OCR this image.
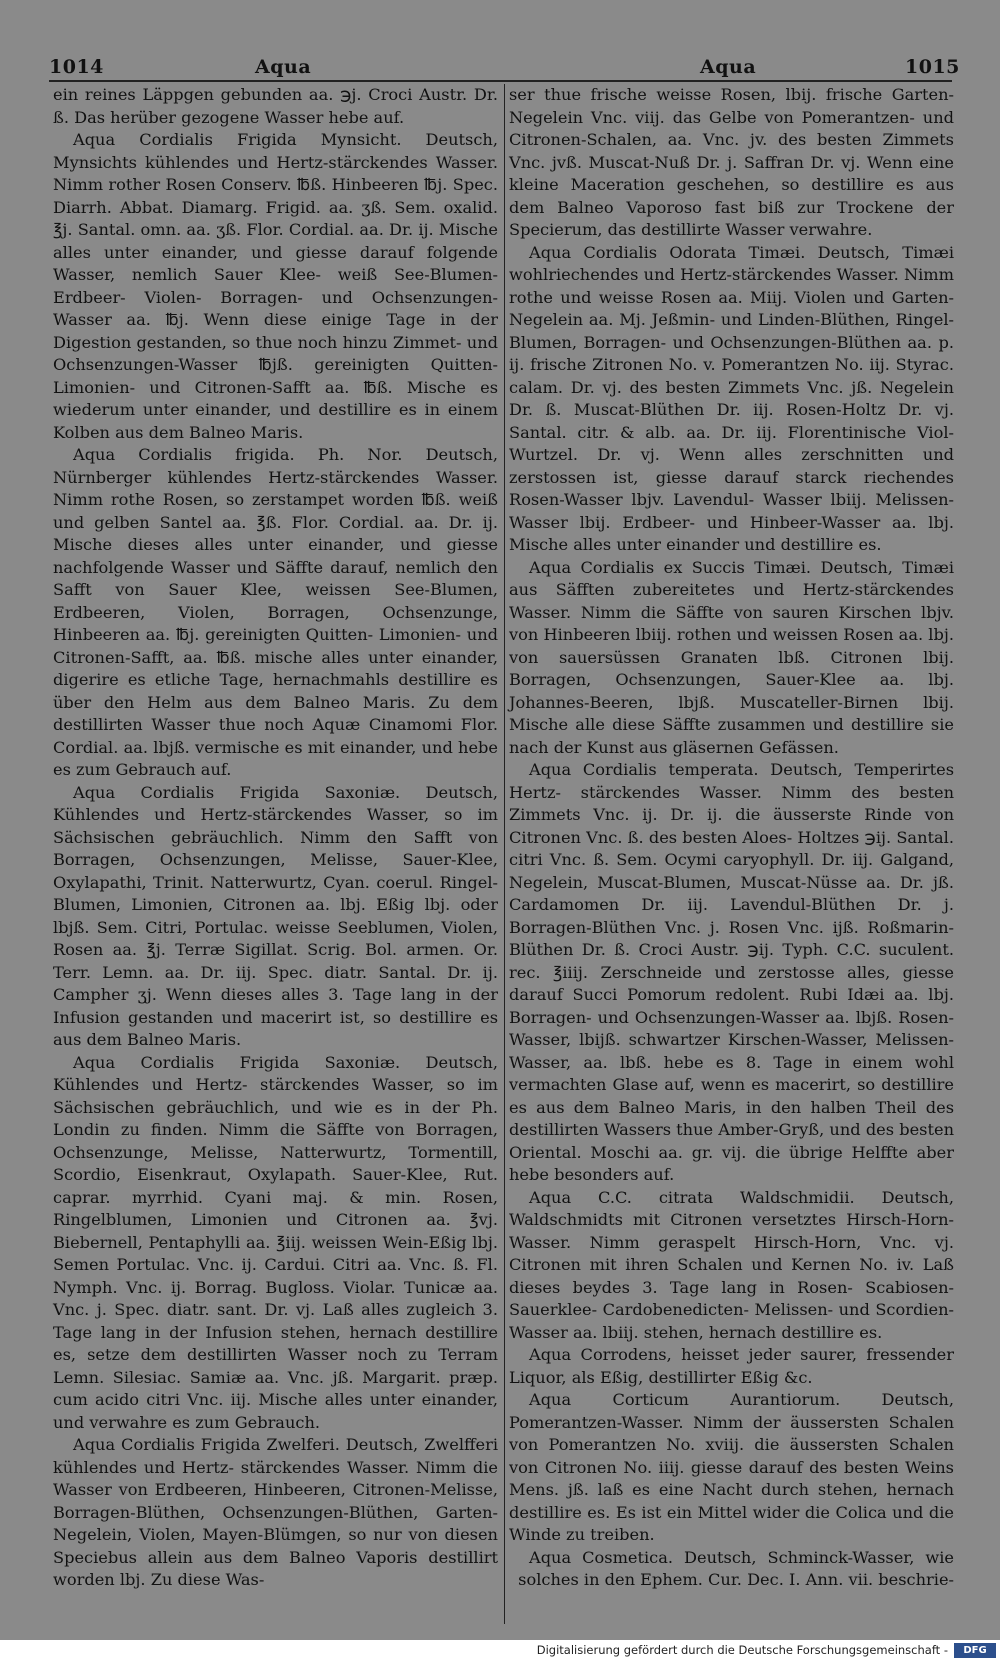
1014	Aqua	Aqua	1015

ein reines Läppgen gebunden aa. ℈j. Croci Austr. Dr. ß. Das herüber gezogene Wasser hebe auf.

Aqua Cordialis Frigida Mynsicht. Deutsch, Mynsichts kühlendes und Hertz-stärckendes Wasser. Nimm rother Rosen Conserv. ℔ß. Hinbeeren ℔j. Spec. Diarrh. Abbat. Diamarg. Frigid. aa. ʒß. Sem. oxalid. ℥j. Santal. omn. aa. ʒß. Flor. Cordial. aa. Dr. ij. Mische alles unter einander, und giesse darauf folgende Wasser, nemlich Sauer Klee- weiß See-Blumen- Erdbeer- Violen- Borragen- und Ochsenzungen-Wasser aa. ℔j. Wenn diese einige Tage in der Digestion gestanden, so thue noch hinzu Zimmet- und Ochsenzungen-Wasser ℔jß. gereinigten Quitten- Limonien- und Citronen-Safft aa. ℔ß. Mische es wiederum unter einander, und destillire es in einem Kolben aus dem Balneo Maris.

Aqua Cordialis frigida. Ph. Nor. Deutsch, Nürnberger kühlendes Hertz-stärckendes Wasser. Nimm rothe Rosen, so zerstampet worden ℔ß. weiß und gelben Santel aa. ℥ß. Flor. Cordial. aa. Dr. ij. Mische dieses alles unter einander, und giesse nachfolgende Wasser und Säffte darauf, nemlich den Safft von Sauer Klee, weissen See-Blumen, Erdbeeren, Violen, Borragen, Ochsenzunge, Hinbeeren aa. ℔j. gereinigten Quitten- Limonien- und Citronen-Safft, aa. ℔ß. mische alles unter einander, digerire es etliche Tage, hernachmahls destillire es über den Helm aus dem Balneo Maris. Zu dem destillirten Wasser thue noch Aquæ Cinamomi Flor. Cordial. aa. lbjß. vermische es mit einander, und hebe es zum Gebrauch auf.

Aqua Cordialis Frigida Saxoniæ. Deutsch, Kühlendes und Hertz-stärckendes Wasser, so im Sächsischen gebräuchlich. Nimm den Safft von Borragen, Ochsenzungen, Melisse, Sauer-Klee, Oxylapathi, Trinit. Natterwurtz, Cyan. coerul. Ringel-Blumen, Limonien, Citronen aa. lbj. Eßig lbj. oder lbjß. Sem. Citri, Portulac. weisse Seeblumen, Violen, Rosen aa. ℥j. Terræ Sigillat. Scrig. Bol. armen. Or. Terr. Lemn. aa. Dr. iij. Spec. diatr. Santal. Dr. ij. Campher ʒj. Wenn dieses alles 3. Tage lang in der Infusion gestanden und macerirt ist, so destillire es aus dem Balneo Maris.

Aqua Cordialis Frigida Saxoniæ. Deutsch, Kühlendes und Hertz- stärckendes Wasser, so im Sächsischen gebräuchlich, und wie es in der Ph. Londin zu finden. Nimm die Säffte von Borragen, Ochsenzunge, Melisse, Natterwurtz, Tormentill, Scordio, Eisenkraut, Oxylapath. Sauer-Klee, Rut. caprar. myrrhid. Cyani maj. & min. Rosen, Ringelblumen, Limonien und Citronen aa. ℥vj. Biebernell, Pentaphylli aa. ℥iij. weissen Wein-Eßig lbj. Semen Portulac. Vnc. ij. Cardui. Citri aa. Vnc. ß. Fl. Nymph. Vnc. ij. Borrag. Bugloss. Violar. Tunicæ aa. Vnc. j. Spec. diatr. sant. Dr. vj. Laß alles zugleich 3. Tage lang in der Infusion stehen, hernach destillire es, setze dem destillirten Wasser noch zu Terram Lemn. Silesiac. Samiæ aa. Vnc. jß. Margarit. præp. cum acido citri Vnc. iij. Mische alles unter einander, und verwahre es zum Gebrauch.

Aqua Cordialis Frigida Zwelferi. Deutsch, Zwelfferi kühlendes und Hertz- stärckendes Wasser. Nimm die Wasser von Erdbeeren, Hinbeeren, Citronen-Melisse, Borragen-Blüthen, Ochsenzungen-Blüthen, Garten-Negelein, Violen, Mayen-Blümgen, so nur von diesen Speciebus allein aus dem Balneo Vaporis destillirt worden lbj. Zu diese Was-

ser thue frische weisse Rosen, lbij. frische Garten-Negelein Vnc. viij. das Gelbe von Pomerantzen- und Citronen-Schalen, aa. Vnc. jv. des besten Zimmets Vnc. jvß. Muscat-Nuß Dr. j. Saffran Dr. vj. Wenn eine kleine Maceration geschehen, so destillire es aus dem Balneo Vaporoso fast biß zur Trockene der Specierum, das destillirte Wasser verwahre.

Aqua Cordialis Odorata Timæi. Deutsch, Timæi wohlriechendes und Hertz-stärckendes Wasser. Nimm rothe und weisse Rosen aa. Miij. Violen und Garten-Negelein aa. Mj. Jeßmin- und Linden-Blüthen, Ringel-Blumen, Borragen- und Ochsenzungen-Blüthen aa. p. ij. frische Zitronen No. v. Pomerantzen No. iij. Styrac. calam. Dr. vj. des besten Zimmets Vnc. jß. Negelein Dr. ß. Muscat-Blüthen Dr. iij. Rosen-Holtz Dr. vj. Santal. citr. & alb. aa. Dr. iij. Florentinische Viol-Wurtzel. Dr. vj. Wenn alles zerschnitten und zerstossen ist, giesse darauf starck riechendes Rosen-Wasser lbjv. Lavendul- Wasser lbiij. Melissen-Wasser lbij. Erdbeer- und Hinbeer-Wasser aa. lbj. Mische alles unter einander und destillire es.

Aqua Cordialis ex Succis Timæi. Deutsch, Timæi aus Säfften zubereitetes und Hertz-stärckendes Wasser. Nimm die Säffte von sauren Kirschen lbjv. von Hinbeeren lbiij. rothen und weissen Rosen aa. lbj. von sauersüssen Granaten lbß. Citronen lbij. Borragen, Ochsenzungen, Sauer-Klee aa. lbj. Johannes-Beeren, lbjß. Muscateller-Birnen lbij. Mische alle diese Säffte zusammen und destillire sie nach der Kunst aus gläsernen Gefässen.

Aqua Cordialis temperata. Deutsch, Temperirtes Hertz- stärckendes Wasser. Nimm des besten Zimmets Vnc. ij. Dr. ij. die äusserste Rinde von Citronen Vnc. ß. des besten Aloes- Holtzes ℈ij. Santal. citri Vnc. ß. Sem. Ocymi caryophyll. Dr. iij. Galgand, Negelein, Muscat-Blumen, Muscat-Nüsse aa. Dr. jß. Cardamomen Dr. iij. Lavendul-Blüthen Dr. j. Borragen-Blüthen Vnc. j. Rosen Vnc. ijß. Roßmarin-Blüthen Dr. ß. Croci Austr. ℈ij. Typh. C.C. suculent. rec. ℥iiij. Zerschneide und zerstosse alles, giesse darauf Succi Pomorum redolent. Rubi Idæi aa. lbj. Borragen- und Ochsenzungen-Wasser aa. lbjß. Rosen-Wasser, lbijß. schwartzer Kirschen-Wasser, Melissen-Wasser, aa. lbß. hebe es 8. Tage in einem wohl vermachten Glase auf, wenn es macerirt, so destillire es aus dem Balneo Maris, in den halben Theil des destillirten Wassers thue Amber-Gryß, und des besten Oriental. Moschi aa. gr. vij. die übrige Helffte aber hebe besonders auf.

Aqua C.C. citrata Waldschmidii. Deutsch, Waldschmidts mit Citronen versetztes Hirsch-Horn-Wasser. Nimm geraspelt Hirsch-Horn, Vnc. vj. Citronen mit ihren Schalen und Kernen No. iv. Laß dieses beydes 3. Tage lang in Rosen- Scabiosen- Sauerklee- Cardobenedicten- Melissen- und Scordien-Wasser aa. lbiij. stehen, hernach destillire es.

Aqua Corrodens, heisset jeder saurer, fressender Liquor, als Eßig, destillirter Eßig &c.

Aqua Corticum Aurantiorum. Deutsch, Pomerantzen-Wasser. Nimm der äussersten Schalen von Pomerantzen No. xviij. die äussersten Schalen von Citronen No. iiij. giesse darauf des besten Weins Mens. jß. laß es eine Nacht durch stehen, hernach destillire es. Es ist ein Mittel wider die Colica und die Winde zu treiben.

Aqua Cosmetica. Deutsch, Schminck-Wasser, wie solches in den Ephem. Cur. Dec. I. Ann. vii. beschrie-

Digitalisierung gefördert durch die Deutsche Forschungsgemeinschaft -	DFG
